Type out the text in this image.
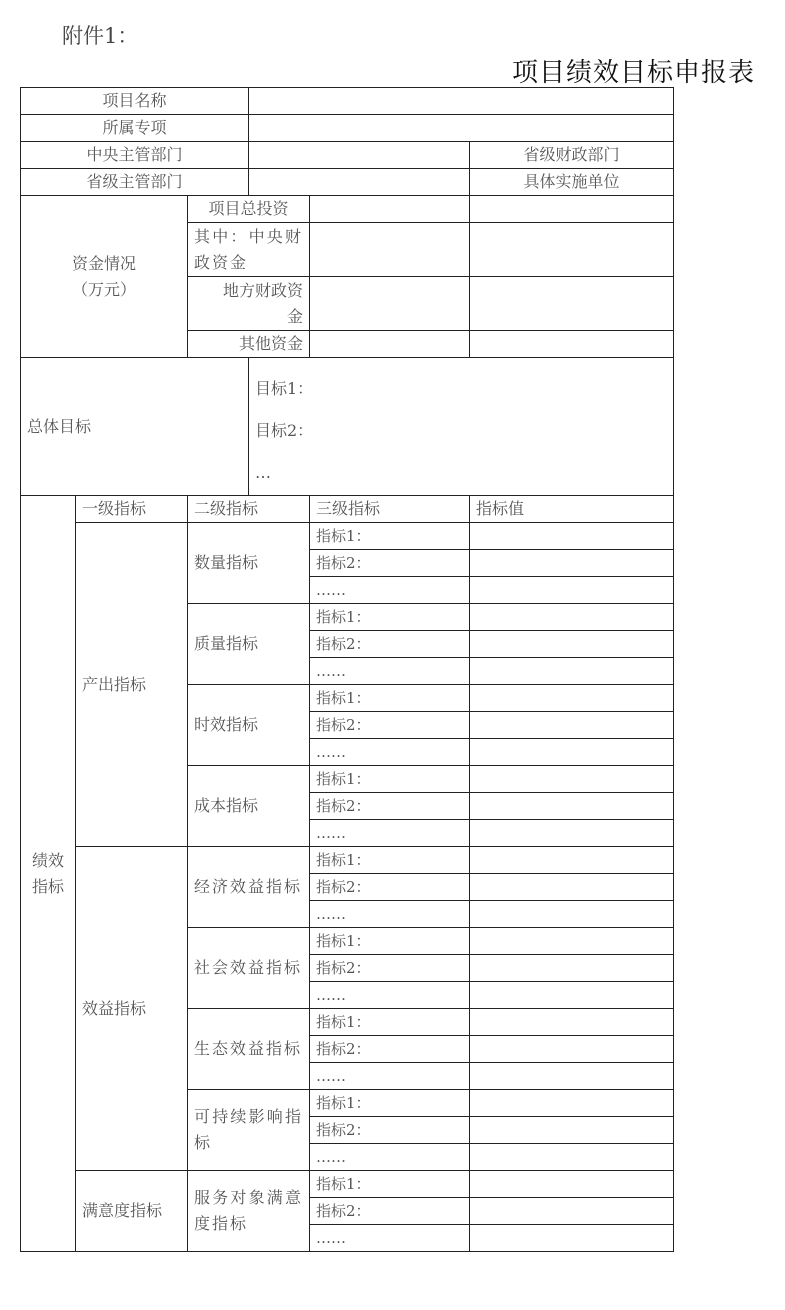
附件1：
项目绩效目标申报表
项目名称					
所属专项					
中央主管部门					省级财政部门
省级主管部门					具体实施单位

资金情况
（万元）		项目总投资			
		其中：中央财政资金			

		地方财政资
金			

		其他资金			
总体目标			目标1：
目标2：
…		

绩效
指标	一级指标	二级指标		三级指标	指标值
	产出指标	数量指标		指标1：	
				指标2：	
				……	
		质量指标		指标1：	
				指标2：	
				……	
		时效指标		指标1：	
				指标2：	
				……	
		成本指标		指标1：	
				指标2：	
				……	
	效益指标	经济效益指标		指标1：	
				指标2：	
				……	
		社会效益指标		指标1：	
				指标2：	
				……	
		生态效益指标		指标1：	
				指标2：	
				……	
		可持续影响指标		指标1：	
				指标2：	
				……	
	满意度指标	服务对象满意度指标		指标1：	
				指标2：	
				……	
